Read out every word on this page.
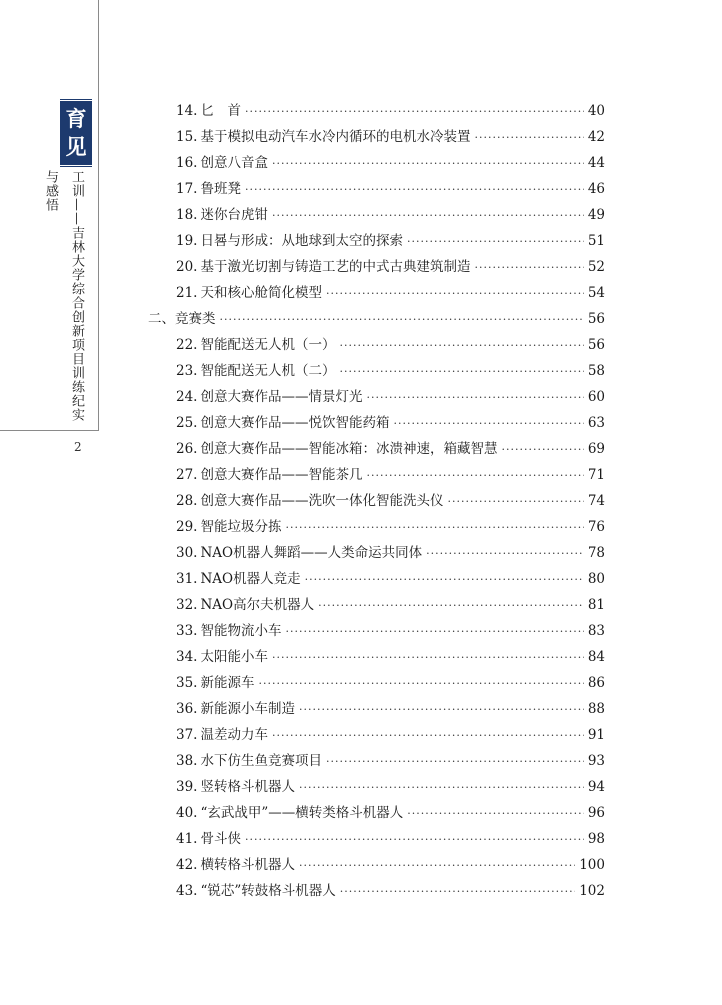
育
见
工训——吉林大学综合创新项目训练纪实与感悟
2
14. 匕　首 ·····	40
15. 基于模拟电动汽车水冷内循环的电机水冷装置 ·····	42
16. 创意八音盒 ·····	44
17. 鲁班凳 ·····	46
18. 迷你台虎钳 ·····	49
19. 日晷与形成：从地球到太空的探索 ·····	51
20. 基于激光切割与铸造工艺的中式古典建筑制造 ·····	52
21. 天和核心舱简化模型 ·····	54
二、竞赛类 ·····	56
22. 智能配送无人机（一） ·····	56
23. 智能配送无人机（二） ·····	58
24. 创意大赛作品——情景灯光 ·····	60
25. 创意大赛作品——悦饮智能药箱 ·····	63
26. 创意大赛作品——智能冰箱：冰溃神速，箱藏智慧 ·····	69
27. 创意大赛作品——智能茶几 ·····	71
28. 创意大赛作品——洗吹一体化智能洗头仪 ·····	74
29. 智能垃圾分拣 ·····	76
30. NAO机器人舞蹈——人类命运共同体 ·····	78
31. NAO机器人竞走 ·····	80
32. NAO高尔夫机器人 ·····	81
33. 智能物流小车 ·····	83
34. 太阳能小车 ·····	84
35. 新能源车 ·····	86
36. 新能源小车制造 ·····	88
37. 温差动力车 ·····	91
38. 水下仿生鱼竞赛项目 ·····	93
39. 竖转格斗机器人 ·····	94
40. “玄武战甲”——横转类格斗机器人 ·····	96
41. 骨斗侠 ·····	98
42. 横转格斗机器人 ·····	100
43. “锐芯”转鼓格斗机器人 ·····	102
